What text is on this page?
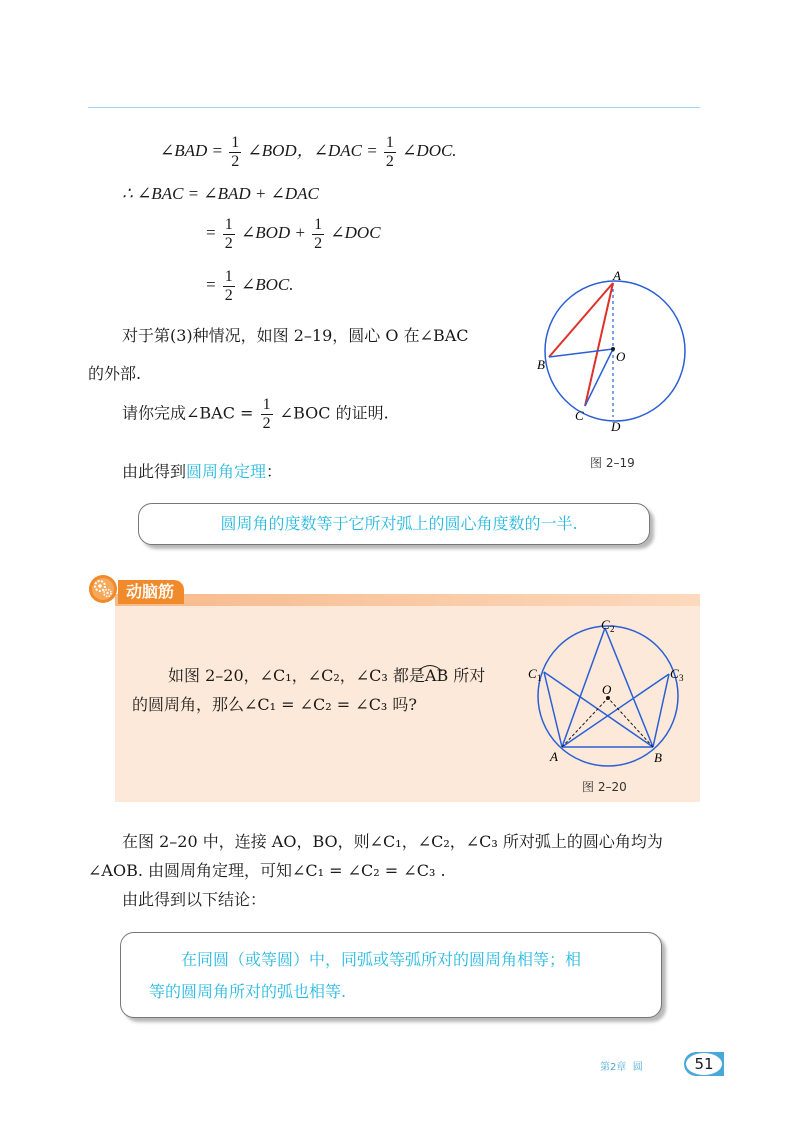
∠BAD = $\frac{1}{2}$ ∠BOD，∠DAC = $\frac{1}{2}$ ∠DOC.
∴ ∠BAC = ∠BAD + ∠DAC
= $\frac{1}{2}$ ∠BOD + $\frac{1}{2}$ ∠DOC
= $\frac{1}{2}$ ∠BOC.
对于第(3)种情况，如图 2–19，圆心 O 在∠BAC
的外部.
请你完成∠BAC = $\frac{1}{2}$ ∠BOC 的证明.
由此得到圆周角定理：
A
B
C
D
O
图 2–19
圆周角的度数等于它所对弧上的圆心角度数的一半.
动脑筋
如图 2–20，∠C₁，∠C₂，∠C₃ 都是AB 所对
的圆周角，那么∠C₁ = ∠C₂ = ∠C₃ 吗?
C 2
C 1	C 3
O
A	B
图 2–20
在图 2–20 中，连接 AO，BO，则∠C₁，∠C₂，∠C₃ 所对弧上的圆心角均为
∠AOB. 由圆周角定理，可知∠C₁ = ∠C₂ = ∠C₃ .
由此得到以下结论：
在同圆（或等圆）中，同弧或等弧所对的圆周角相等；相
等的圆周角所对的弧也相等.
第2章 圆	51
